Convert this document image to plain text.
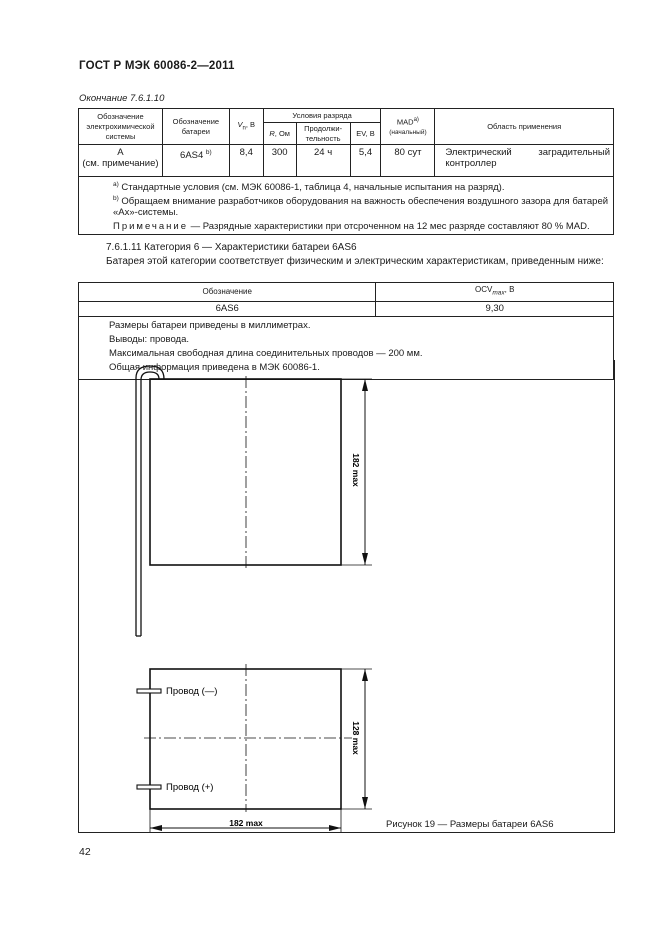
ГОСТ Р МЭК 60086-2—2011
Окончание 7.6.1.10
Обозначение электрохимической системы	Обозначение батареи	$V_n$, В	Условия разряда			MAD$^{a)}$
(начальный)	Область применения
			R, Ом	Продолжи-тельность	EV, В		
A
(см. примечание)	6AS4 $^{b)}$	8,4	300	24 ч	5,4	80 сут	Электрический заградительный контроллер

$^{a)}$ Стандартные условия (см. МЭК 60086-1, таблица 4, начальные испытания на разряд).

$^{b)}$ Обращаем внимание разработчиков оборудования на важность обеспечения воздушного зазора для батарей «Ах»-системы.

Примечание — Разрядные характеристики при отсроченном на 12 мес разряде составляют 80 % MAD.							

7.6.1.11 Категория 6 — Характеристики батареи 6AS6

Батарея этой категории соответствует физическим и электрическим характеристикам, приведенным ниже:

Обозначение	$OCV_{max}$, В
6AS6	9,30

Размеры батареи приведены в миллиметрах.

Выводы: провода.

Максимальная свободная длина соединительных проводов — 200 мм.

Общая информация приведена в МЭК 60086-1.	

182 max
Провод (—)
Провод (+)
128 max
182 max	Рисунок 19 — Размеры батареи 6AS6
42
